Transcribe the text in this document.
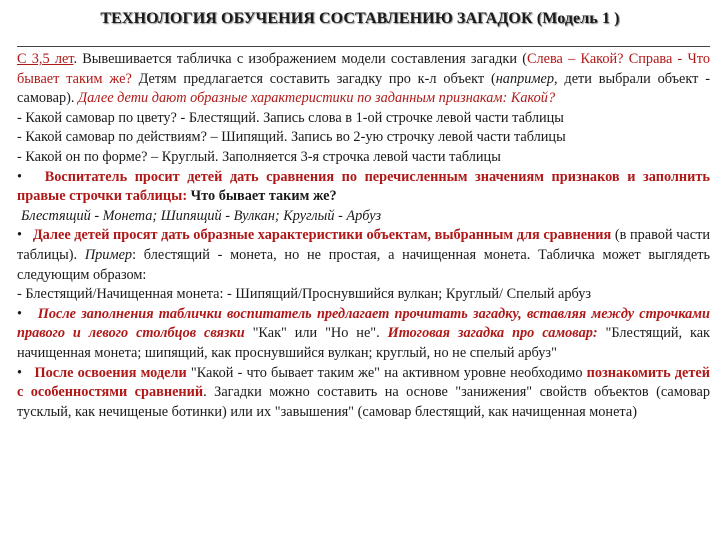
ТЕХНОЛОГИЯ ОБУЧЕНИЯ СОСТАВЛЕНИЮ ЗАГАДОК (Модель 1 )

С 3,5 лет. Вывешивается табличка с изображением модели составления загадки (Слева – Какой? Справа - Что бывает таким же? Детям предлагается составить загадку про к-л объект (например, дети выбрали объект - самовар). Далее дети дают образные характеристики по заданным признакам: Какой?

- Какой самовар по цвету? - Блестящий. Запись слова в 1-ой строчке левой части таблицы

- Какой самовар по действиям? – Шипящий. Запись во 2-ую строчку левой части таблицы

- Какой он по форме? – Круглый. Заполняется 3-я строчка левой части таблицы

• Воспитатель просит детей дать сравнения по перечисленным значениям признаков и заполнить правые строчки таблицы: Что бывает таким же?

Блестящий - Монета; Шипящий - Вулкан; Круглый - Арбуз

• Далее детей просят дать образные характеристики объектам, выбранным для сравнения (в правой части таблицы). Пример: блестящий - монета, но не простая, а начищенная монета. Табличка может выглядеть следующим образом:

- Блестящий/Начищенная монета: - Шипящий/Проснувшийся вулкан; Круглый/ Спелый арбуз

• После заполнения таблички воспитатель предлагает прочитать загадку, вставляя между строчками правого и левого столбцов связки "Как" или "Но не". Итоговая загадка про самовар: "Блестящий, как начищенная монета; шипящий, как проснувшийся вулкан; круглый, но не спелый арбуз"

• После освоения модели "Какой - что бывает таким же" на активном уровне необходимо познакомить детей с особенностями сравнений. Загадки можно составить на основе "занижения" свойств объектов (самовар тусклый, как нечищеные ботинки) или их "завышения" (самовар блестящий, как начищенная монета)
